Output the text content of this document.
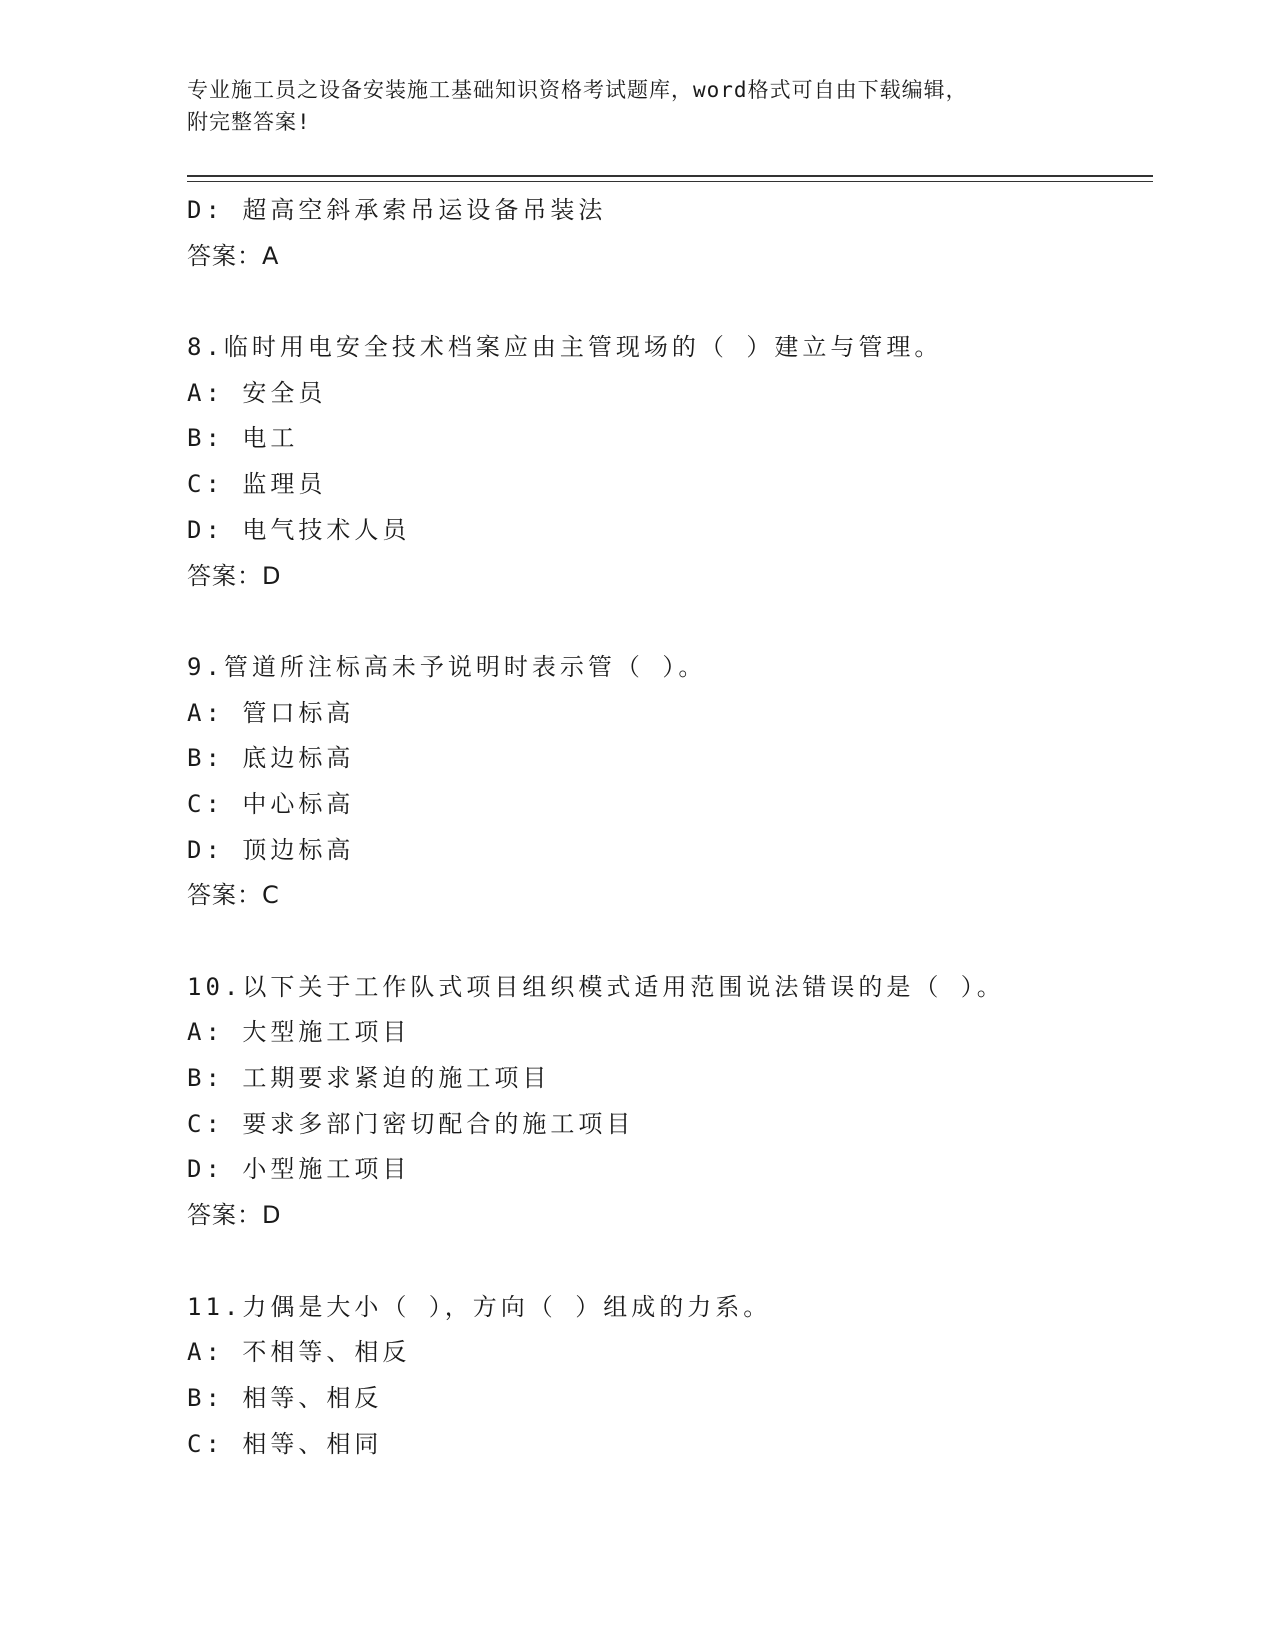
专业施工员之设备安装施工基础知识资格考试题库，word格式可自由下载编辑，
附完整答案!
D: 超高空斜承索吊运设备吊装法
答案：A
8.临时用电安全技术档案应由主管现场的（ ）建立与管理。
A: 安全员
B: 电工
C: 监理员
D: 电气技术人员
答案：D
9.管道所注标高未予说明时表示管（ ）。
A: 管口标高
B: 底边标高
C: 中心标高
D: 顶边标高
答案：C
10.以下关于工作队式项目组织模式适用范围说法错误的是（ ）。
A: 大型施工项目
B: 工期要求紧迫的施工项目
C: 要求多部门密切配合的施工项目
D: 小型施工项目
答案：D
11.力偶是大小（ ），方向（ ）组成的力系。
A: 不相等、相反
B: 相等、相反
C: 相等、相同
